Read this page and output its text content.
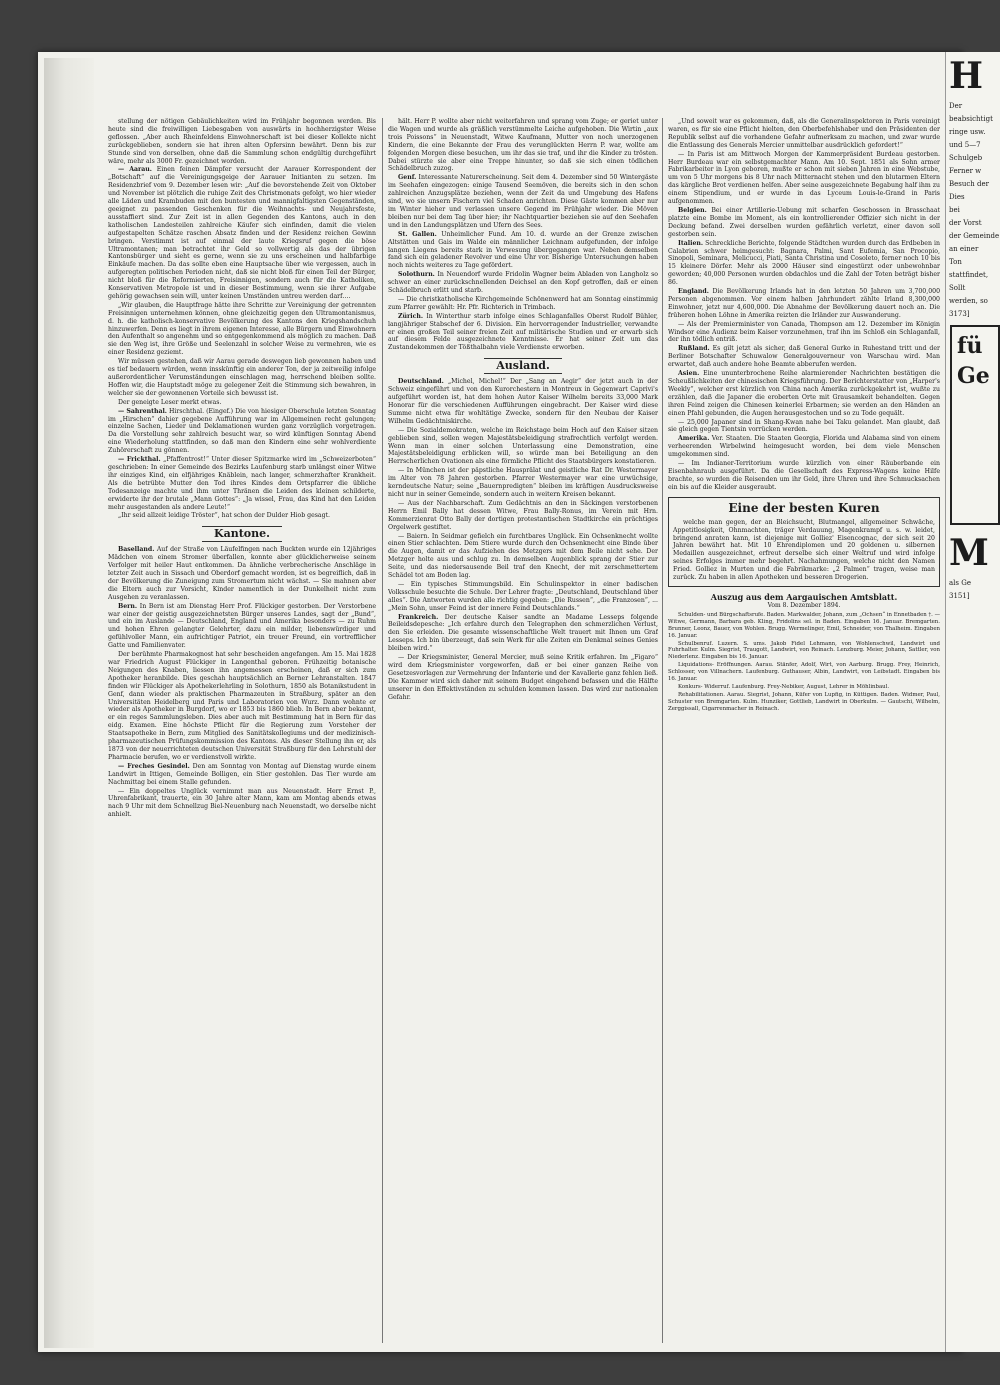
stellung der nötigen Gebäulichkeiten wird im Frühjahr begonnen werden. Bis heute sind die freiwilligen Liebesgaben von auswärts in hochherzigster Weise geflossen. „Aber auch Rheinfeldens Einwohnerschaft ist bei dieser Kollekte nicht zurückgeblieben, sondern sie hat ihren alten Opfersinn bewährt. Denn bis zur Stunde sind von derselben, ohne daß die Sammlung schon endgültig durchgeführt wäre, mehr als 3000 Fr. gezeichnet worden.

— Aarau. Einen feinen Dämpfer versucht der Aarauer Korrespondent der „Botschaft“ auf die Vereinigungsgeige der Aarauer Initianten zu setzen. Im Residenzbrief vom 9. Dezember lesen wir: „Auf die bevorstehende Zeit von Oktober und November ist plötzlich die ruhige Zeit des Christmonats gefolgt, wo hier wieder alle Läden und Krambuden mit den buntesten und mannigfaltigsten Gegenständen, geeignet zu passenden Geschenken für die Weihnachts- und Neujahrsfeste, ausstaffiert sind. Zur Zeit ist in allen Gegenden des Kantons, auch in den katholischen Landesteilen zahlreiche Käufer sich einfinden, damit die vielen aufgestapelten Schätze raschen Absatz finden und der Residenz reichen Gewinn bringen. Verstimmt ist auf einmal der laute Kriegsruf gegen die böse Ultramontanen; man betrachtet ihr Geld so vollwertig als das der übrigen Kantonsbürger und sieht es gerne, wenn sie zu uns erscheinen und halbfarbige Einkäufe machen. Da das sollte eben eine Hauptsache über wie vergessen, auch in aufgeregten politischen Perioden nicht, daß sie nicht bloß für einen Teil der Bürger, nicht bloß für die Reformierten, Freisinnigen, sondern auch für die Katholiken, Konservativen Metropole ist und in dieser Bestimmung, wenn sie ihrer Aufgabe gehörig gewachsen sein will, unter keinen Umständen untreu werden darf….

„Wir glauben, die Hauptfrage hätte ihre Schritte zur Vereinigung der getrennten Freisinnigen unternehmen können, ohne gleichzeitig gegen den Ultramontanismus, d. h. die katholisch-konservative Bevölkerung des Kantons den Kriegshandschuh hinzuwerfen. Denn es liegt in ihrem eigenen Interesse, alle Bürgern und Einwohnern den Aufenthalt so angenehm und so entgegenkommend als möglich zu machen. Daß sie den Weg ist, ihre Größe und Seelenzahl in solcher Weise zu vermehren, wie es einer Residenz geziemt.

Wir müssen gestehen, daß wir Aarau gerade deswegen lieb gewonnen haben und es tief bedauern würden, wenn insskünftig ein anderer Ton, der ja zeitweilig infolge außerordentlicher Verumständungen einschlagen mag, herrschend bleiben sollte. Hoffen wir, die Hauptstadt möge zu gelegener Zeit die Stimmung sich bewahren, in welcher sie der gewonnenen Vorteile sich bewusst ist.

Der geneigte Leser merkt etwas.

— Sahrenthal. Hirschthal. (Eingef.) Die von hiesiger Oberschule letzten Sonntag im „Hirschen“ dahier gegebene Aufführung war im Allgemeinen recht gelungen; einzelne Sachen, Lieder und Deklamationen wurden ganz vorzüglich vorgetragen. Da die Vorstellung sehr zahlreich besucht war, so wird künftigen Sonntag Abend eine Wiederholung stattfinden, so daß man den Kindern eine sehr wohlverdiente Zuhörerschaft zu gönnen.

— Frickthal. „Pfaffentrost!“ Unter dieser Spitzmarke wird im „Schweizerboten“ geschrieben: In einer Gemeinde des Bezirks Laufenburg starb unlängst einer Witwe ihr einziges Kind, ein elfjähriges Knäblein, nach langer, schmerzhafter Krankheit. Als die betrübte Mutter den Tod ihres Kindes dem Ortspfarrer die übliche Todesanzeige machte und ihm unter Thränen die Leiden des kleinen schilderte, erwiderte ihr der brutale „Mann Gottes“: „Ja wissel, Frau, das Kind hat den Leiden mehr ausgestanden als andere Leute!“

„Ihr seid allzeit leidige Tröster“, hat schon der Dulder Hiob gesagt.

Kantone.

Baselland. Auf der Straße von Läufelfingen nach Buckten wurde ein 12jähriges Mädchen von einem Stromer überfallen, konnte aber glücklicherweise seinem Verfolger mit heiler Haut entkommen. Da ähnliche verbrecherische Anschläge in letzter Zeit auch in Sissach und Oberdorf gemacht worden, ist es begreiflich, daß in der Bevölkerung die Zuneigung zum Stromertum nicht wächst. — Sie mahnen aber die Eltern auch zur Vorsicht, Kinder namentlich in der Dunkelheit nicht zum Ausgehen zu veranlassen.

Bern. In Bern ist am Dienstag Herr Prof. Flückiger gestorben. Der Verstorbene war einer der geistig ausgezeichnetsten Bürger unseres Landes, sagt der „Bund“, und ein im Auslande — Deutschland, England und Amerika besonders — zu Ruhm und hohen Ehren gelangter Gelehrter, dazu ein milder, liebenswürdiger und gefühlvoller Mann, ein aufrichtiger Patriot, ein treuer Freund, ein vortrefflicher Gatte und Familienvater.

Der berühmte Pharmakognost hat sehr bescheiden angefangen. Am 15. Mai 1828 war Friedrich August Flückiger in Langenthal geboren. Frühzeitig botanische Neigungen des Knaben, liessen ihn angemessen erscheinen, daß er sich zum Apotheker heranbilde. Dies geschah hauptsächlich an Berner Lehranstalten. 1847 finden wir Flückiger als Apothekerlehrling in Solothurn, 1850 als Botanikstudent in Genf, dann wieder als praktischen Pharmazeuten in Straßburg, später an den Universitäten Heidelberg und Paris und Laboratorien von Wurz. Dann wohnte er wieder als Apotheker in Burgdorf, wo er 1853 bis 1860 blieb. In Bern aber bekannt, er ein reges Sammlungsleben. Dies aber auch mit Bestimmung hat in Bern für das eidg. Examen. Eine höchste Pflicht für die Regierung zum Vorsteher der Staatsapotheke in Bern, zum Mitglied des Sanitätskollegiums und der medizinisch-pharmazeutischen Prüfungskommission des Kantons. Als dieser Stellung ihn er, als 1873 von der neuerrichteten deutschen Universität Straßburg für den Lehrstuhl der Pharmacie berufen, wo er verdienstvoll wirkte.

— Freches Gesindel. Den am Sonntag von Montag auf Dienstag wurde einem Landwirt in Ittigen, Gemeinde Bolligen, ein Stier gestohlen. Das Tier wurde am Nachmittag bei einem Stalle gefunden.

— Ein doppeltes Unglück vernimmt man aus Neuenstadt. Herr Ernst P., Uhrenfabrikant, trauerte, ein 30 Jahre alter Mann, kam am Montag abends etwas nach 9 Uhr mit dem Schnellzug Biel-Neuenburg nach Neuenstadt, wo derselbe nicht anhielt.

hält. Herr P. wollte aber nicht weiterfahren und sprang vom Zuge; er geriet unter die Wagen und wurde als gräßlich verstümmelte Leiche aufgehoben. Die Wirtin „aux trois Poissons“ in Neuenstadt, Witwe Kaufmann, Mutter von noch unerzogenen Kindern, die eine Bekannte der Frau des verunglückten Herrn P. war, wollte am folgenden Morgen diese besuchen, um ihr das sie traf, und ihr die Kinder zu trösten. Dabei stürzte sie aber eine Treppe hinunter, so daß sie sich einen tödlichen Schädelbruch zuzog.

Genf. Interessante Naturerscheinung. Seit dem 4. Dezember sind 50 Wintergäste im Seehafen eingezogen: einige Tausend Seemöven, die bereits sich in den schon zahlreichen Anzugsplätze beziehen, wenn der Zeit da und Umgebung des Hafens sind, wo sie unsern Fischern viel Schaden anrichten. Diese Gäste kommen aber nur im Winter hieher und verlassen unsere Gegend im Frühjahr wieder. Die Möven bleiben nur bei dem Tag über hier; ihr Nachtquartier beziehen sie auf den Seehafen und in den Landungsplätzen und Ufern des Sees.

St. Gallen. Unheimlicher Fund. Am 10. d. wurde an der Grenze zwischen Altstätten und Gais im Walde ein männlicher Leichnam aufgefunden, der infolge langen Liegens bereits stark in Verwesung übergegangen war. Neben demselben fand sich ein geladener Revolver und eine Uhr vor. Bisherige Untersuchungen haben noch nichts weiteres zu Tage gefördert.

Solothurn. In Neuendorf wurde Fridolin Wagner beim Abladen von Langholz so schwer an einer zurückschnellenden Deichsel an den Kopf getroffen, daß er einen Schädelbruch erlitt und starb.

— Die christkatholische Kirchgemeinde Schönenwerd hat am Sonntag einstimmig zum Pfarrer gewählt: Hr. Pfr. Richterich in Trimbach.

Zürich. In Winterthur starb infolge eines Schlaganfalles Oberst Rudolf Bühler, langjähriger Stabschef der 6. Division. Ein hervorragender Industrieller, verwandte er einen großen Teil seiner freien Zeit auf militärische Studien und er erwarb sich auf diesem Felde ausgezeichnete Kenntnisse. Er hat seiner Zeit um das Zustandekommen der Tößthalbahn viele Verdienste erworben.

Ausland.

Deutschland. „Michel, Michel!“ Der „Sang an Aegir“ der jetzt auch in der Schweiz eingeführt und von den Kurorchestern in Montreux in Gegenwart Caprivi's aufgeführt worden ist, hat dem hohen Autor Kaiser Wilhelm bereits 33,000 Mark Honorar für die verschiedenen Aufführungen eingebracht. Der Kaiser wird diese Summe nicht etwa für wohltätige Zwecke, sondern für den Neubau der Kaiser Wilhelm Gedächtniskirche.

— Die Sozialdemokraten, welche im Reichstage beim Hoch auf den Kaiser sitzen geblieben sind, sollen wegen Majestätsbeleidigung strafrechtlich verfolgt werden. Wenn man in einer solchen Unterlassung eine Demonstration, eine Majestätsbeleidigung erblicken will, so würde man bei Beteiligung an den Herrscherlichen Ovationen als eine förmliche Pflicht des Staatsbürgers konstatieren.

— In München ist der päpstliche Hausprälat und geistliche Rat Dr. Westermayer im Alter von 78 Jahren gestorben. Pfarrer Westermayer war eine urwüchsige, kerndeutsche Natur; seine „Bauernpredigten“ bleiben im kräftigen Ausdrucksweise nicht nur in seiner Gemeinde, sondern auch in weitern Kreisen bekannt.

— Aus der Nachbarschaft. Zum Gedächtnis an den in Säckingen verstorbenen Herrn Emil Bally hat dessen Witwe, Frau Bally-Ronus, im Verein mit Hrn. Kommerzienrat Otto Bally der dortigen protestantischen Stadtkirche ein prächtiges Orgelwerk gestiftet.

— Baiern. In Seidmar gefielch ein furchtbares Unglück. Ein Ochsenknecht wollte einen Stier schlachten. Dem Stiere wurde durch den Ochsenknecht eine Binde über die Augen, damit er das Aufziehen des Metzgers mit dem Beile nicht sehe. Der Metzger holte aus und schlug zu. In demselben Augenblick sprang der Stier zur Seite, und das niedersausende Beil traf den Knecht, der mit zerschmettertem Schädel tot am Boden lag.

— Ein typisches Stimmungsbild. Ein Schulinspektor in einer badischen Volksschule besuchte die Schule. Der Lehrer fragte: „Deutschland, Deutschland über alles“. Die Antworten wurden alle richtig gegeben: „Die Russen“, „die Franzosen“, ... „Mein Sohn, unser Feind ist der innere Feind Deutschlands.“

Frankreich. Der deutsche Kaiser sandte an Madame Lesseps folgende Beileidsdepesche: „Ich erfahre durch den Telegraphen den schmerzlichen Verlust, den Sie erleiden. Die gesamte wissenschaftliche Welt trauert mit Ihnen um Graf Lesseps. Ich bin überzeugt, daß sein Werk für alle Zeiten ein Denkmal seines Genies bleiben wird.“

— Der Kriegsminister, General Mercier, muß seine Kritik erfahren. Im „Figaro“ wird dem Kriegsminister vorgeworfen, daß er bei einer ganzen Reihe von Gesetzesvorlagen zur Vermehrung der Infanterie und der Kavallerie ganz fehlen ließ. Die Kammer wird sich daher mit seinem Budget eingehend befassen und die Hälfte unserer in den Effektivständen zu schulden kommen lassen. Das wird zur nationalen Gefahr.

„Und soweit war es gekommen, daß, als die Generalinspektoren in Paris vereinigt waren, es für sie eine Pflicht hielten, den Oberbefehlshaber und den Präsidenten der Republik selbst auf die vorhandene Gefahr aufmerksam zu machen, und zwar wurde die Entlassung des Generals Mercier unmittelbar ausdrücklich gefordert!“

— In Paris ist am Mittwoch Morgen der Kammerpräsident Burdeau gestorben. Herr Burdeau war ein selbstgemachter Mann. Am 10. Sept. 1851 als Sohn armer Fabrikarbeiter in Lyon geboren, mußte er schon mit sieben Jahren in eine Webstube, um von 5 Uhr morgens bis 8 Uhr nach Mitternacht stehen und den blutarmen Eltern das kärgliche Brot verdienen helfen. Aber seine ausgezeichnete Begabung half ihm zu einem Stipendium, und er wurde in das Lyceum Louis-le-Grand in Paris aufgenommen.

Belgien. Bei einer Artillerie-Uebung mit scharfen Geschossen in Brasschaat platzte eine Bombe im Moment, als ein kontrollierender Offizier sich nicht in der Deckung befand. Zwei derselben wurden gefährlich verletzt, einer davon soll gestorben sein.

Italien. Schreckliche Berichte, folgende Städtchen wurden durch das Erdbeben in Calabrien schwer heimgesucht: Bagnara, Palmi, Sant Eufemia, San Procopio, Sinopoli, Seminara, Melicucci, Piati, Santa Christina und Cosoleto, ferner noch 10 bis 15 kleinere Dörfer. Mehr als 2000 Häuser sind eingestürzt oder unbewohnbar geworden; 40,000 Personen wurden obdachlos und die Zahl der Toten beträgt bisher 86.

England. Die Bevölkerung Irlands hat in den letzten 50 Jahren um 3,700,000 Personen abgenommen. Vor einem halben Jahrhundert zählte Irland 8,300,000 Einwohner, jetzt nur 4,600,000. Die Abnahme der Bevölkerung dauert noch an. Die früheren hohen Löhne in Amerika reizten die Irländer zur Auswanderung.

— Als der Premierminister von Canada, Thompson am 12. Dezember im Königin Windsor eine Audienz beim Kaiser vorzunehmen, traf ihn im Schloß ein Schlaganfall, der ihn tödlich entriß.

Rußland. Es gilt jetzt als sicher, daß General Gurko in Ruhestand tritt und der Berliner Botschafter Schuwalow Generalgouverneur von Warschau wird. Man erwartet, daß auch andere hohe Beamte abberufen werden.

Asien. Eine ununterbrochene Reihe alarmierender Nachrichten bestätigen die Scheußlichkeiten der chinesischen Kriegsführung. Der Berichterstatter von „Harper's Weekly“, welcher erst kürzlich von China nach Amerika zurückgekehrt ist, wußte zu erzählen, daß die Japaner die eroberten Orte mit Grausamkeit behandelten. Gegen ihren Feind zeigen die Chinesen keinerlei Erbarmen; sie werden an den Händen an einen Pfahl gebunden, die Augen herausgestochen und so zu Tode gequält.

— 25,000 Japaner sind in Shang-Kwan nahe bei Taku gelandet. Man glaubt, daß sie gleich gegen Tientsin vorrücken werden.

Amerika. Ver. Staaten. Die Staaten Georgia, Florida und Alabama sind von einem verheerenden Wirbelwind heimgesucht worden, bei dem viele Menschen umgekommen sind.

— Im Indianer-Territorium wurde kürzlich von einer Räuberbande ein Eisenbahnraub ausgeführt. Da die Gesellschaft des Express-Wagens keine Hilfe brachte, so wurden die Reisenden um ihr Geld, ihre Uhren und ihre Schmucksachen ein bis auf die Kleider ausgeraubt.

Eine der besten Kuren

welche man gegen, der an Bleichsucht, Blutmangel, allgemeiner Schwäche, Appetitlosigkeit, Ohnmachten, träger Verdauung, Magenkrampf u. s. w. leidet, bringend anraten kann, ist diejenige mit Golliez' Eisencognac, der sich seit 20 Jahren bewährt hat. Mit 10 Ehrendiplomen und 20 goldenen u. silbernen Medaillen ausgezeichnet, erfreut derselbe sich einer Weltruf und wird infolge seines Erfolges immer mehr begehrt. Nachahmungen, welche nicht den Namen Fried. Golliez in Murten und die Fabrikmarke: „2 Palmen“ tragen, weise man zurück. Zu haben in allen Apotheken und besseren Drogerien.

Auszug aus dem Aargauischen Amtsblatt.
Vom 8. Dezember 1894.

Schulden- und Bürgschaftsrufe. Baden. Markwalder, Johann, zum „Ochsen“ in Ennetbaden †. — Witwe, Germann, Barbara geb. Kling, Fridolins sel. in Baden. Eingaben 16. Januar. Bremgarten. Brunner, Leonz, Bauer, von Wohlen. Brugg. Wermelinger, Emil, Schneider, von Thalheim. Eingaben 16. Januar.

Schulbenruf. Luzern. S. ums. Jakob Fidel Lehmann, von Wohlenschwil, Landwirt und Fuhrhalter. Kulm. Siegrist, Traugott, Landwirt, von Reinach. Lenzburg. Meier, Johann, Sattler, von Niederlenz. Eingaben bis 16. Januar.

Liquidations- Eröffnungen. Aarau. Stänfer, Adolf, Wirt, von Aarburg. Brugg. Frey, Heinrich, Schlosser, von Villnachern. Laufenburg. Guthauser, Albin, Landwirt, von Leibstadt. Eingaben bis 16. Januar.

Konkurs- Widerruf. Laufenburg. Frey-Nebiker, August, Lehrer in Möhlinbaul.

Rehabilitationen. Aarau. Siegrist, Johann, Küfer von Lupfig, in Küttigen. Baden. Widmer, Paul, Schuster von Bremgarten. Kulm. Hunziker, Gottlieb, Landwirt in Oberkulm. — Gautschi, Wilhelm, Zerggissall, Cigarrenmacher in Reinach.

H
Der
beabsichtigt
ringe usw.
und 5—7
Schulgeb
Ferner w
Besuch der
Dies
bei
der Vorst
der Gemeinde
an einer
Ton
stattfindet,
Sollt
werden, so
3173]
fü
Ge
M
als Ge
3151]
